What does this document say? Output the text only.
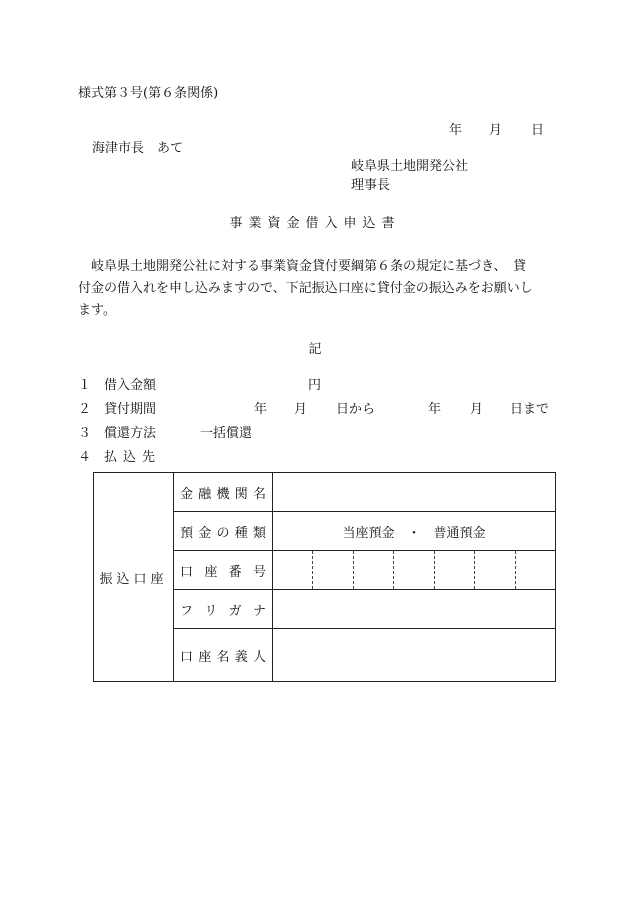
様式第３号(第６条関係)
年 月 日
海津市長　あて
岐阜県土地開発公社
理事長
事業資金借入申込書

岐阜県土地開発公社に対する事業資金貸付要綱第６条の規定に基づき、　貸

付金の借入れを申し込みますので、下記振込口座に貸付金の振込みをお願いし

ます。

記
１ 借入金額	円
２ 貸付期間	年 月 日から	年 月 日まで
３ 償還方法	一括償還
４ 払込先
振込口座	金 融 機 関 名	

	預 金 の 種 類	当座預金　・　普通預金

	口 座 番 号	

	フ リ ガ ナ	

	口 座 名 義 人	
